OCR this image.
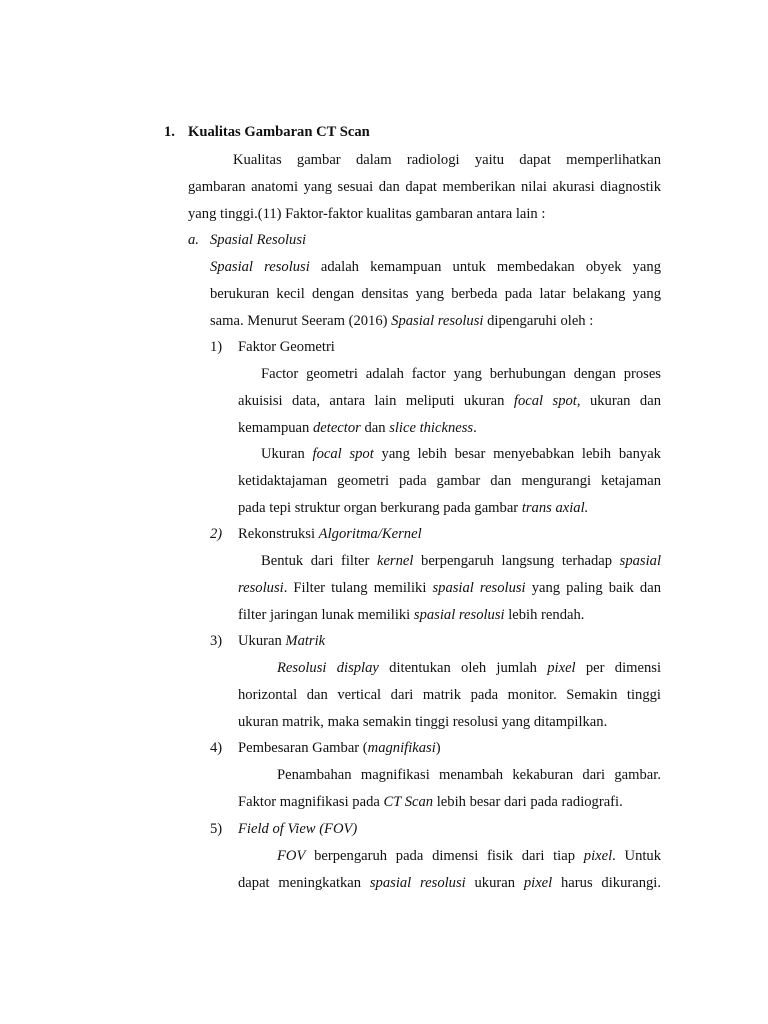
1. Kualitas Gambaran CT Scan
Kualitas gambar dalam radiologi yaitu dapat memperlihatkan
gambaran anatomi yang sesuai dan dapat memberikan nilai akurasi diagnostik
yang tinggi.(11) Faktor-faktor kualitas gambaran antara lain :
a. Spasial Resolusi
Spasial resolusi adalah kemampuan untuk membedakan obyek yang
berukuran kecil dengan densitas yang berbeda pada latar belakang yang
sama. Menurut Seeram (2016) Spasial resolusi dipengaruhi oleh :
1) Faktor Geometri
Factor geometri adalah factor yang berhubungan dengan proses
akuisisi data, antara lain meliputi ukuran focal spot, ukuran dan
kemampuan detector dan slice thickness.
Ukuran focal spot yang lebih besar menyebabkan lebih banyak
ketidaktajaman geometri pada gambar dan mengurangi ketajaman
pada tepi struktur organ berkurang pada gambar trans axial.
2) Rekonstruksi Algoritma/Kernel
Bentuk dari filter kernel berpengaruh langsung terhadap spasial
resolusi. Filter tulang memiliki spasial resolusi yang paling baik dan
filter jaringan lunak memiliki spasial resolusi lebih rendah.
3) Ukuran Matrik
Resolusi display ditentukan oleh jumlah pixel per dimensi
horizontal dan vertical dari matrik pada monitor. Semakin tinggi
ukuran matrik, maka semakin tinggi resolusi yang ditampilkan.
4) Pembesaran Gambar (magnifikasi)
Penambahan magnifikasi menambah kekaburan dari gambar.
Faktor magnifikasi pada CT Scan lebih besar dari pada radiografi.
5) Field of View (FOV)
FOV berpengaruh pada dimensi fisik dari tiap pixel. Untuk
dapat meningkatkan spasial resolusi ukuran pixel harus dikurangi.
